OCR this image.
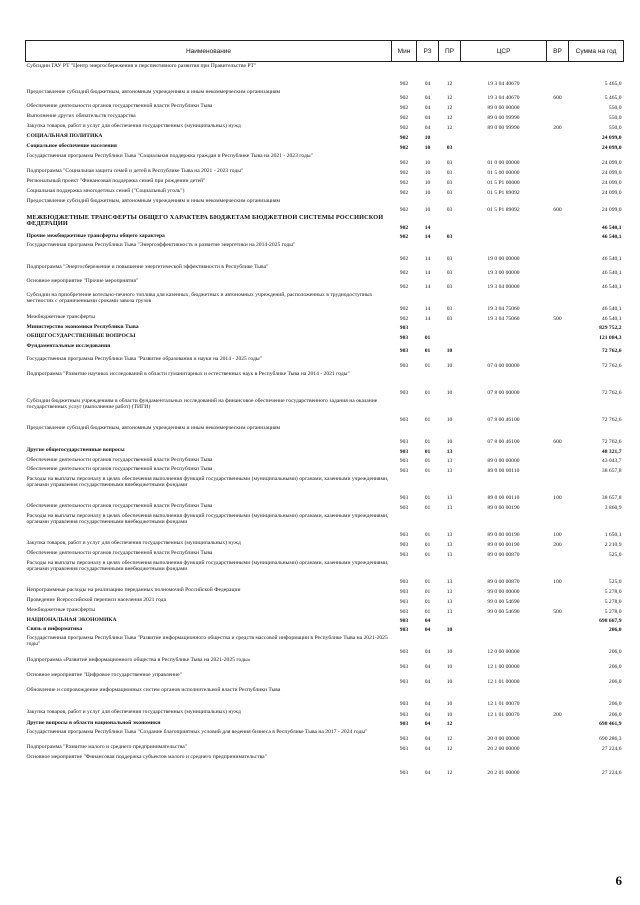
Наименование	Мин	РЗ	ПР	ЦСР	ВР	Сумма на год
Субсидии ГАУ РТ "Центр энергосбережения и перспективного развития при Правительстве РТ"	902	04	12	19 3 04 40670		5 465,0
Предоставление субсидий бюджетным, автономным учреждениям и иным некоммерческим организациям	902	04	12	19 3 04 40670	600	5 465,0
Обеспечение деятельности органов государственной власти Республики Тыва	902	04	12	89 0 00 00000		550,0
Выполнение других обязательств государства	902	04	12	89 0 00 99990		550,0
Закупка товаров, работ и услуг для обеспечения государственных (муниципальных) нужд	902	04	12	89 0 00 99990	200	550,0
СОЦИАЛЬНАЯ ПОЛИТИКА	902	10				24 099,0
Социальное обеспечение населения	902	10	03			24 099,0
Государственная программа Республики Тыва "Социальная поддержка граждан в Республике Тыва на 2021 - 2023 годы"	902	10	03	01 0 00 00000		24 099,0
Подпрограмма "Социальная защита семей и детей в Республике Тыва на 2021 - 2023 годы"	902	10	03	01 5 00 00000		24 099,0
Региональный проект "Финансовая поддержка семей при рождении детей"	902	10	03	01 5 P1 00000		24 099,0
Социальная поддержка многодетных семей ("Социальный уголь")	902	10	03	01 5 P1 89092		24 099,0
Предоставление субсидий бюджетным, автономным учреждениям и иным некоммерческим организациям	902	10	03	01 5 P1 89092	600	24 099,0
МЕЖБЮДЖЕТНЫЕ ТРАНСФЕРТЫ ОБЩЕГО ХАРАКТЕРА БЮДЖЕТАМ БЮДЖЕТНОЙ СИСТЕМЫ РОССИЙСКОЙ ФЕДЕРАЦИИ	902	14				46 540,1
Прочие межбюджетные трансферты общего характера	902	14	03			46 540,1
Государственная программа Республики Тыва "Энергоэффективность и развитие энергетики на 2014-2025 годы"	902	14	03	19 0 00 00000		46 540,1
Подпрограмма "Энергосбережение и повышение энергетической эффективности в Республике Тыва"	902	14	03	19 3 00 00000		46 540,1
Основное мероприятие "Прочие мероприятия"	902	14	03	19 3 04 00000		46 540,1
Субсидии на приобретение котельно-печного топлива для казенных, бюджетных и автономных учреждений, расположенных в труднодоступных местностях с ограниченными сроками завоза грузов	902	14	03	19 3 04 75060		46 540,1
Межбюджетные трансферты	902	14	03	19 3 04 75060	500	46 540,1
Министерство экономики Республики Тыва	903					829 752,2
ОБЩЕГОСУДАРСТВЕННЫЕ ВОПРОСЫ	903	01				121 084,3
Фундаментальные исследования	903	01	10			72 762,6
Государственная программа Республики Тыва "Развитие образования и науки на 2014 - 2025 годы"	903	01	10	07 0 00 00000		72 762,6
Подпрограмма "Развитие научных исследований в области гуманитарных и естественных наук в Республике Тыва на 2014 - 2021 годы"	903	01	10	07 8 00 00000		72 762,6
Субсидии бюджетным учреждениям в области фундаментальных исследований на финансовое обеспечение государственного задания на оказание государственных услуг (выполнение работ) (ТИГИ)	903	01	10	07 8 00 46100		72 762,6
Предоставление субсидий бюджетным, автономным учреждениям и иным некоммерческим организациям	903	01	10	07 8 00 46100	600	72 762,6
Другие общегосударственные вопросы	903	01	13			48 321,7
Обеспечение деятельности органов государственной власти Республики Тыва	903	01	13	89 0 00 00000		43 043,7
Обеспечение деятельности органов государственной власти Республики Тыва	903	01	13	89 0 00 00110		38 657,8
Расходы на выплаты персоналу в целях обеспечения выполнения функций государственными (муниципальными) органами, казенными учреждениями, органами управления государственными внебюджетными фондами	903	01	13	89 0 00 00110	100	38 657,8
Обеспечение деятельности органов государственной власти Республики Тыва	903	01	13	89 0 00 00190		3 860,9
Расходы на выплаты персоналу в целях обеспечения выполнения функций государственными (муниципальными) органами, казенными учреждениями, органами управления государственными внебюджетными фондами	903	01	13	89 0 00 00190	100	1 650,1
Закупка товаров, работ и услуг для обеспечения государственных (муниципальных) нужд	903	01	13	89 0 00 00190	200	2 210,9
Обеспечение деятельности органов государственной власти Республики Тыва	903	01	13	89 0 00 00870		525,0
Расходы на выплаты персоналу в целях обеспечения выполнения функций государственными (муниципальными) органами, казенными учреждениями, органами управления государственными внебюджетными фондами	903	01	13	89 0 00 00870	100	525,0
Непрограммные расходы на реализацию переданных полномочий Российской Федерации	903	01	13	99 0 00 00000		5 278,0
Проведение Всероссийской переписи населения 2021 года	903	01	13	99 0 00 54690		5 278,0
Межбюджетные трансферты	903	01	13	99 0 00 54690	500	5 278,0
НАЦИОНАЛЬНАЯ ЭКОНОМИКА	903	04				698 667,9
Связь и информатика	903	04	10			206,0
Государственная программа Республики Тыва "Развитие информационного общества и средств массовой информации в Республике Тыва на 2021-2025 годы"	903	04	10	12 0 00 00000		206,0
Подпрограмма «Развитие информационного общества в Республике Тыва на 2021-2025 годы»	903	04	10	12 1 00 00000		206,0
Основное мероприятие "Цифровое государственное управление"	903	04	10	12 1 01 00000		206,0
Обновление и сопровождение информационных систем органов исполнительной власти Республики Тыва	903	04	10	12 1 01 00070		206,0
Закупка товаров, работ и услуг для обеспечения государственных (муниципальных) нужд	903	04	10	12 1 01 00070	200	206,0
Другие вопросы в области национальной экономики	903	04	12			698 461,9
Государственная программа Республики Тыва "Создание благоприятных условий для ведения бизнеса в Республике Тыва на 2017 - 2024 годы"	903	04	12	20 0 00 00000		690 286,3
Подпрограмма "Развитие малого и среднего предпринимательства"	903	04	12	20 2 00 00000		27 224,6
Основное мероприятие "Финансовая поддержка субъектов малого и среднего предпринимательства"	903	04	12	20 2 01 00000		27 224,6
6
